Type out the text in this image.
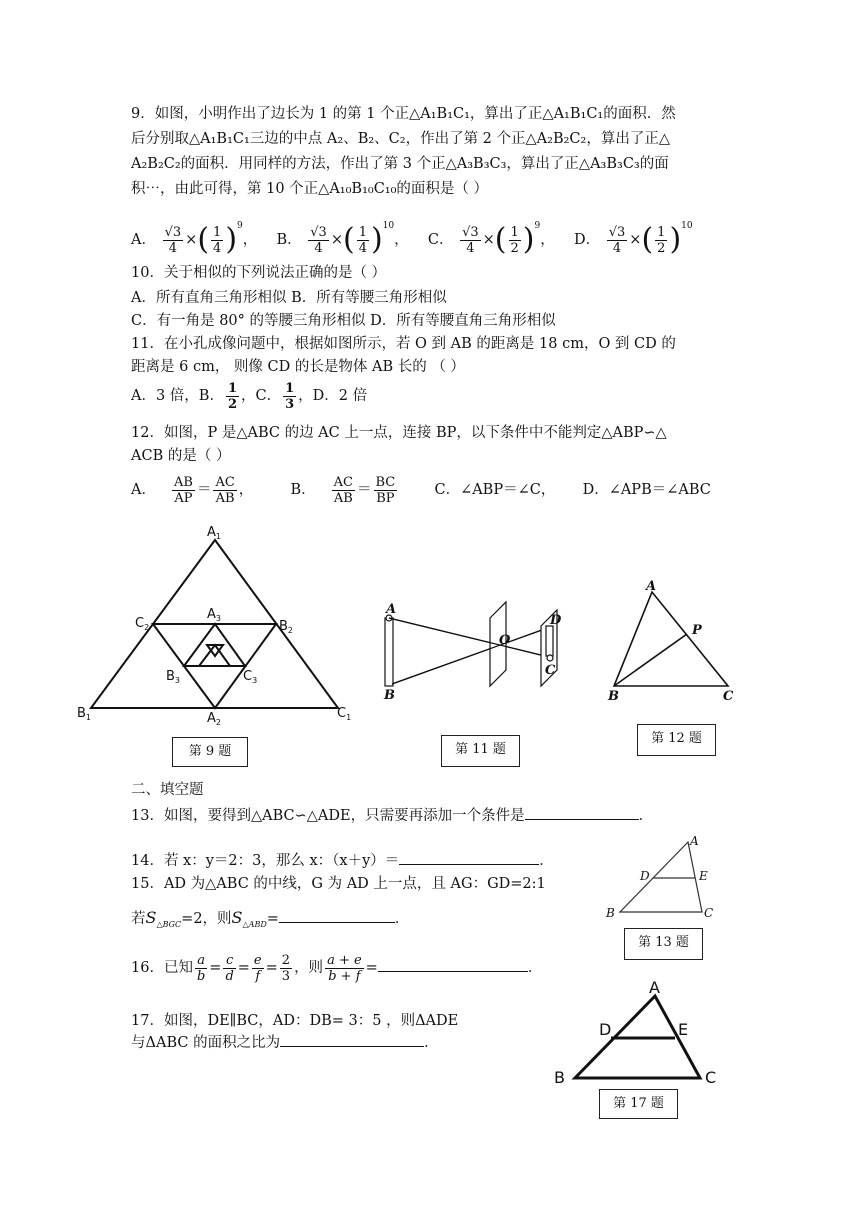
9．如图，小明作出了边长为 1 的第 1 个正△A₁B₁C₁，算出了正△A₁B₁C₁的面积．然
后分别取△A₁B₁C₁三边的中点 A₂、B₂、C₂，作出了第 2 个正△A₂B₂C₂，算出了正△
A₂B₂C₂的面积．用同样的方法，作出了第 3 个正△A₃B₃C₃，算出了正△A₃B₃C₃的面
积⋯，由此可得，第 10 个正△A₁₀B₁₀C₁₀的面积是（ ）
A． $\frac{√3}{4}$ ×( $\frac{1}{4} )^9$， B． $\frac{√3}{4}$ ×( $\frac{1}{4} )^{10}$， C． $\frac{√3}{4}$ ×( $\frac{1}{2} )^9$， D． $\frac{√3}{4}$ ×( $\frac{1}{2} )^{10}$
10．关于相似的下列说法正确的是（ ）
A．所有直角三角形相似 B．所有等腰三角形相似
C．有一角是 80° 的等腰三角形相似 D．所有等腰直角三角形相似
11．在小孔成像问题中，根据如图所示，若 O 到 AB 的距离是 18 cm，O 到 CD 的
距离是 6 cm， 则像 CD 的长是物体 AB 长的 （ ）
A．3 倍，B． $\frac{1}{2}$ ，C． $\frac{1}{3}$ ，D．2 倍
12．如图，P 是△ABC 的边 AC 上一点，连接 BP，以下条件中不能判定△ABP∽△
ACB 的是（ ）
A． $\frac{AB}{AP} = \frac{AC}{AB}$ ，	B． $\frac{AC}{AB} = \frac{BC}{BP}$	C．∠ABP＝∠C， D．∠APB＝∠ABC
$A_1$
$B_1$	$C_1$
$A_2$
$B_2$
$C_2$
$A_3$
$B_3$	$C_3$
第 9 题
A
B
O
D
C
第 11 题
A
B	C
P
第 12 题
二、填空题
13．如图，要得到△ABC∽△ADE，只需要再添加一个条件是	．
14．若 x：y＝2：3，那么 x：（x＋y）＝	．
15．AD 为△ABC 的中线，G 为 AD 上一点，且 AG：GD=2:1
若$S_{\triangle BGC}=2$，则$S_{\triangle ABD}=$	．
16．已知 $\frac{a}{b} = \frac{c}{d} = \frac{e}{f} = \frac{2}{3}$ ，则 $\frac{a + e}{b + f}$ =	．
17．如图，DE∥BC，AD：DB= 3：5 ，则ΔADE
与ΔABC 的面积之比为	．
A
D	E
B	C
第 13 题
A
D	E
B	C
第 17 题
